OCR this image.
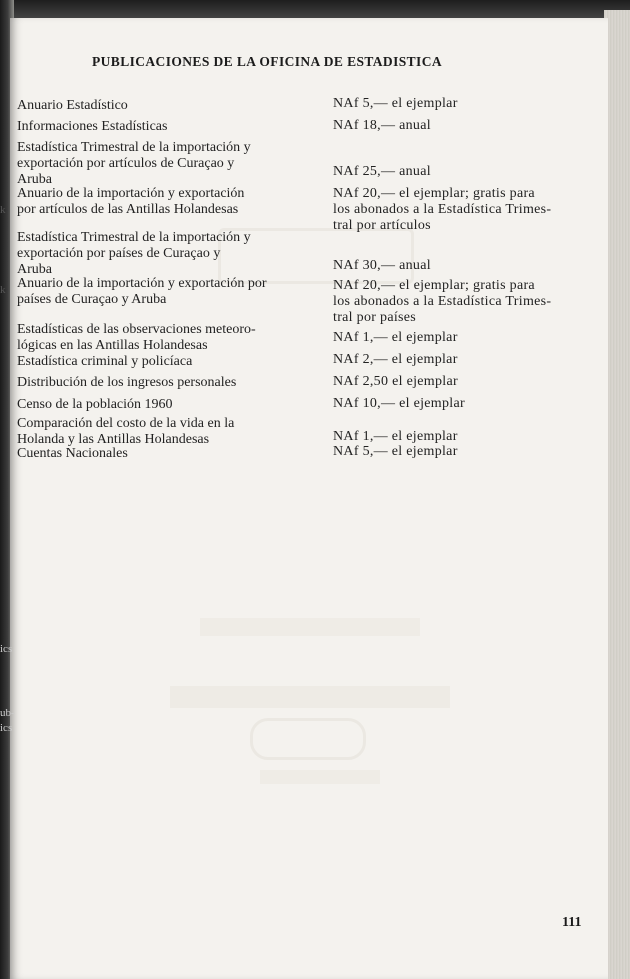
k
k
ics
ub-
ics
PUBLICACIONES DE LA OFICINA DE ESTADISTICA
Anuario Estadístico	NAf 5,— el ejemplar
Informaciones Estadísticas	NAf 18,— anual
Estadística Trimestral de la importación y
exportación por artículos de Curaçao y
Aruba
NAf 25,— anual
Anuario de la importación y exportación
por artículos de las Antillas Holandesas
NAf 20,— el ejemplar; gratis para
los abonados a la Estadística Trimes-
tral por artículos
Estadística Trimestral de la importación y
exportación por países de Curaçao y
Aruba	NAf 30,— anual
Anuario de la importación y exportación por
países de Curaçao y Aruba
NAf 20,— el ejemplar; gratis para
los abonados a la Estadística Trimes-
tral por países
Estadísticas de las observaciones meteoro-
lógicas en las Antillas Holandesas
NAf 1,— el ejemplar
Estadística criminal y policíaca	NAf 2,— el ejemplar
Distribución de los ingresos personales	NAf 2,50 el ejemplar
Censo de la población 1960	NAf 10,— el ejemplar
Comparación del costo de la vida en la
Holanda y las Antillas Holandesas	NAf 1,— el ejemplar
Cuentas Nacionales	NAf 5,— el ejemplar
111
